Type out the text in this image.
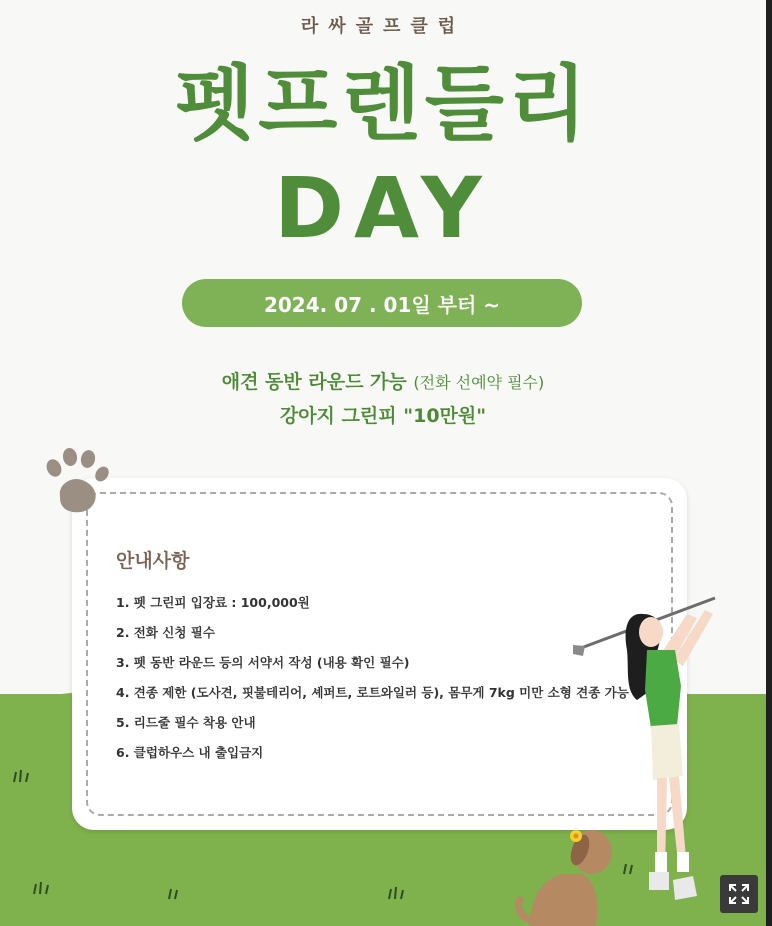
라싸골프클럽
펫프렌들리
DAY
2024. 07 . 01일 부터 ~
애견 동반 라운드 가능 (전화 선예약 필수)
강아지 그린피 "10만원"
안내사항
1. 펫 그린피 입장료 : 100,000원
2. 전화 신청 필수
3. 펫 동반 라운드 등의 서약서 작성 (내용 확인 필수)
4. 견종 제한 (도사견, 핏불테리어, 셰퍼트, 로트와일러 등), 몸무게 7kg 미만 소형 견종 가능
5. 리드줄 필수 착용 안내
6. 클럽하우스 내 출입금지
